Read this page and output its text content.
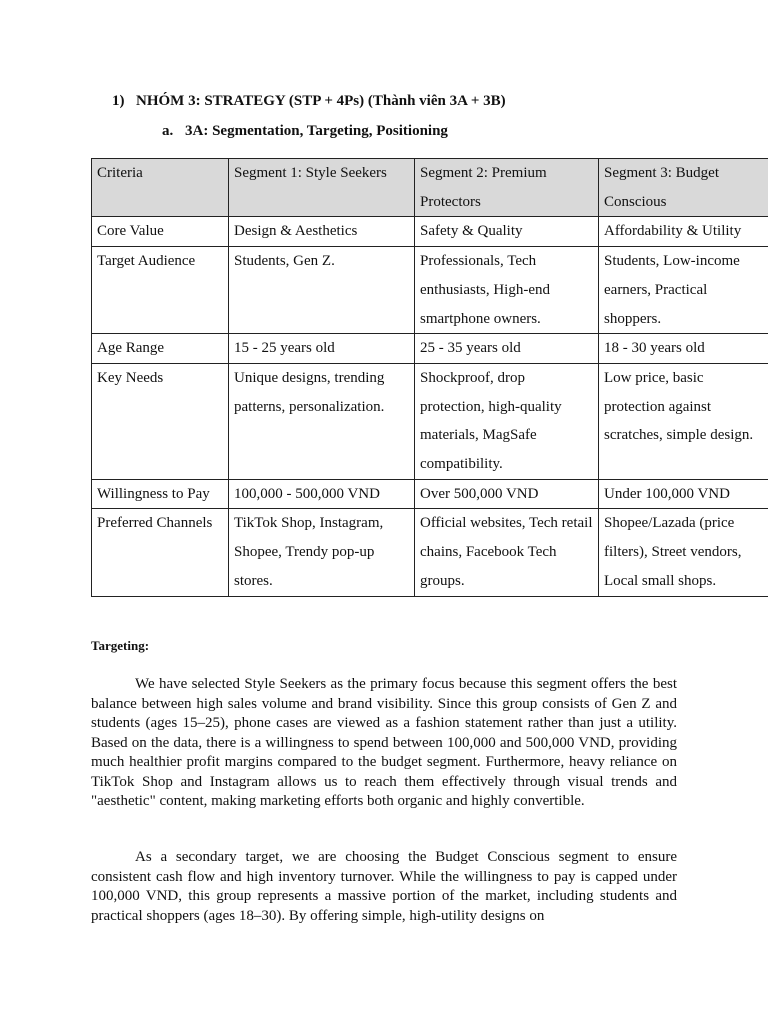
1) NHÓM 3: STRATEGY (STP + 4Ps) (Thành viên 3A + 3B)
a. 3A: Segmentation, Targeting, Positioning
Criteria	Segment 1: Style Seekers	Segment 2: Premium Protectors	Segment 3: Budget Conscious
Core Value	Design & Aesthetics	Safety & Quality	Affordability & Utility
Target Audience	Students, Gen Z.	Professionals, Tech enthusiasts, High-end smartphone owners.	Students, Low-income earners, Practical shoppers.
Age Range	15 - 25 years old	25 - 35 years old	18 - 30 years old
Key Needs	Unique designs, trending patterns, personalization.	Shockproof, drop protection, high-quality materials, MagSafe compatibility.	Low price, basic protection against scratches, simple design.
Willingness to Pay	100,000 - 500,000 VND	Over 500,000 VND	Under 100,000 VND
Preferred Channels	TikTok Shop, Instagram, Shopee, Trendy pop-up stores.	Official websites, Tech retail chains, Facebook Tech groups.	Shopee/Lazada (price filters), Street vendors, Local small shops.
Targeting:

We have selected Style Seekers as the primary focus because this segment offers the best balance between high sales volume and brand visibility. Since this group consists of Gen Z and students (ages 15–25), phone cases are viewed as a fashion statement rather than just a utility. Based on the data, there is a willingness to spend between 100,000 and 500,000 VND, providing much healthier profit margins compared to the budget segment. Furthermore, heavy reliance on TikTok Shop and Instagram allows us to reach them effectively through visual trends and "aesthetic" content, making marketing efforts both organic and highly convertible.

As a secondary target, we are choosing the Budget Conscious segment to ensure consistent cash flow and high inventory turnover. While the willingness to pay is capped under 100,000 VND, this group represents a massive portion of the market, including students and practical shoppers (ages 18–30). By offering simple, high-utility designs on
